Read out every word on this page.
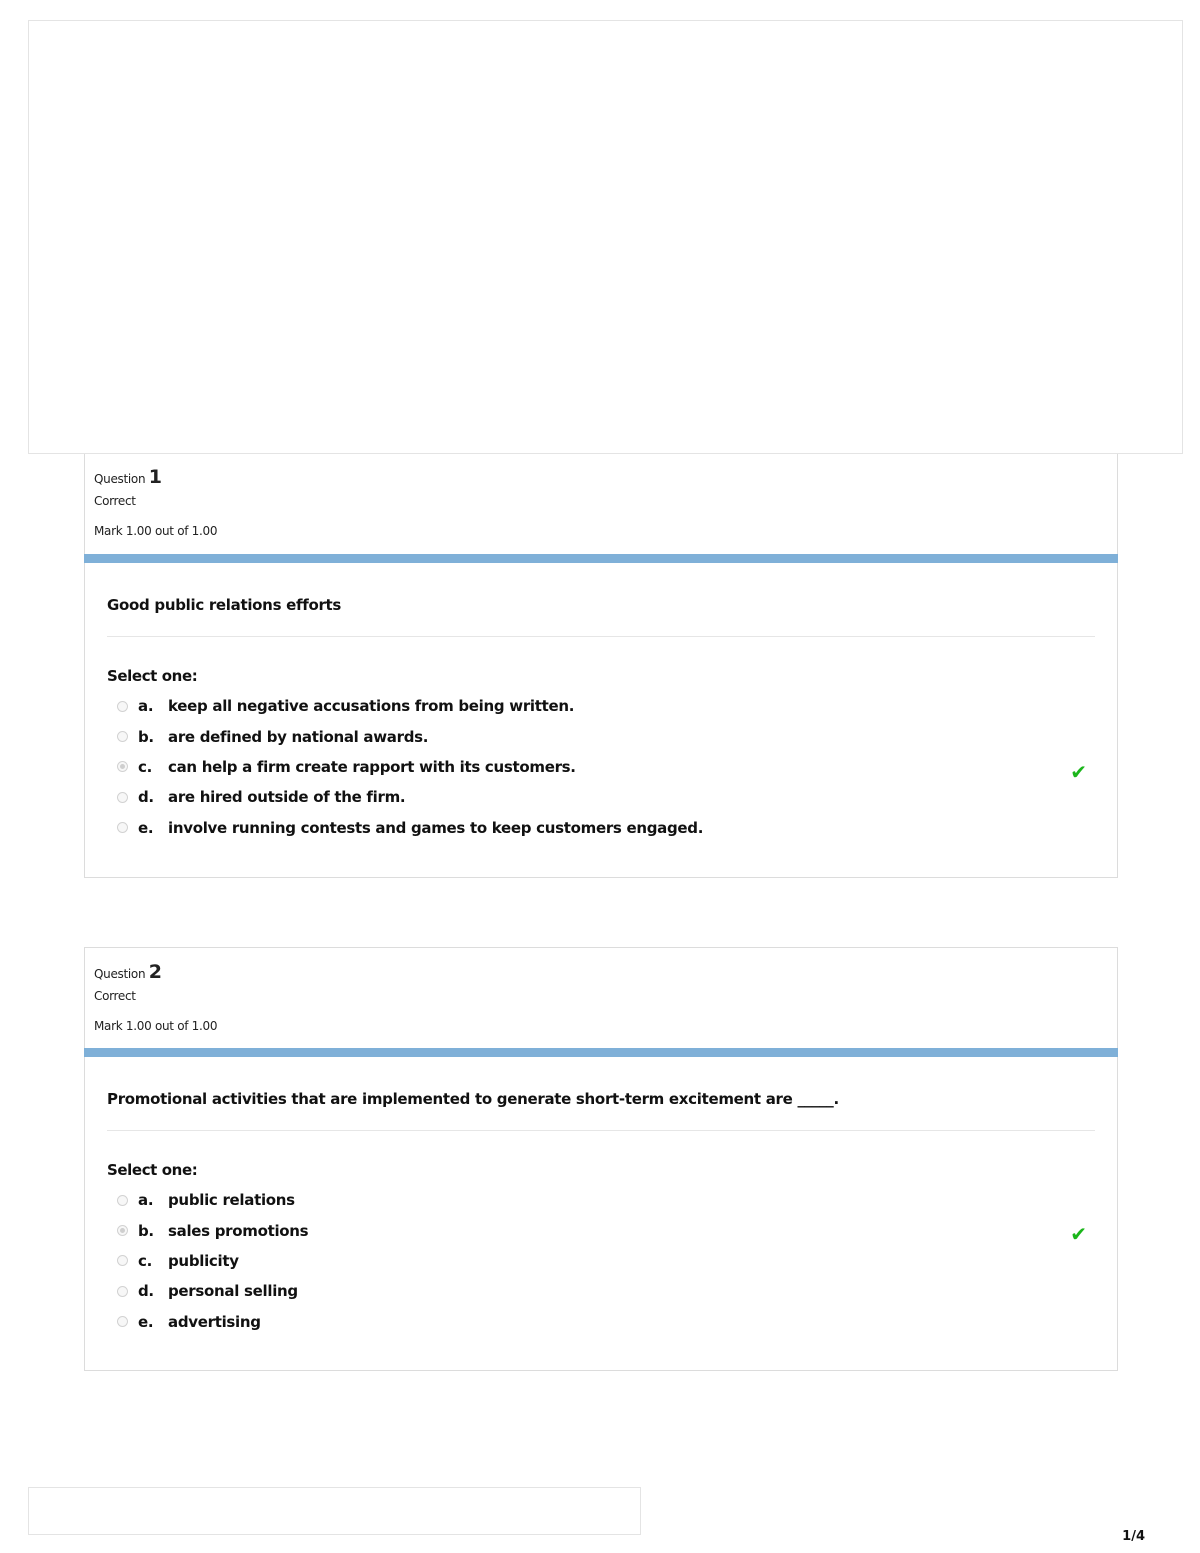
Question 1
Correct
Mark 1.00 out of 1.00
Good public relations efforts
Select one:
a. keep all negative accusations from being written.
b. are defined by national awards.
c.	can help a firm create rapport with its customers.
d. are hired outside of the firm.
e. involve running contests and games to keep customers engaged.
✔
Question 2
Correct
Mark 1.00 out of 1.00
Promotional activities that are implemented to generate short-term excitement are _____.
Select one:
a. public relations
b. sales promotions
c.	publicity
d. personal selling
e. advertising
✔
1/4
